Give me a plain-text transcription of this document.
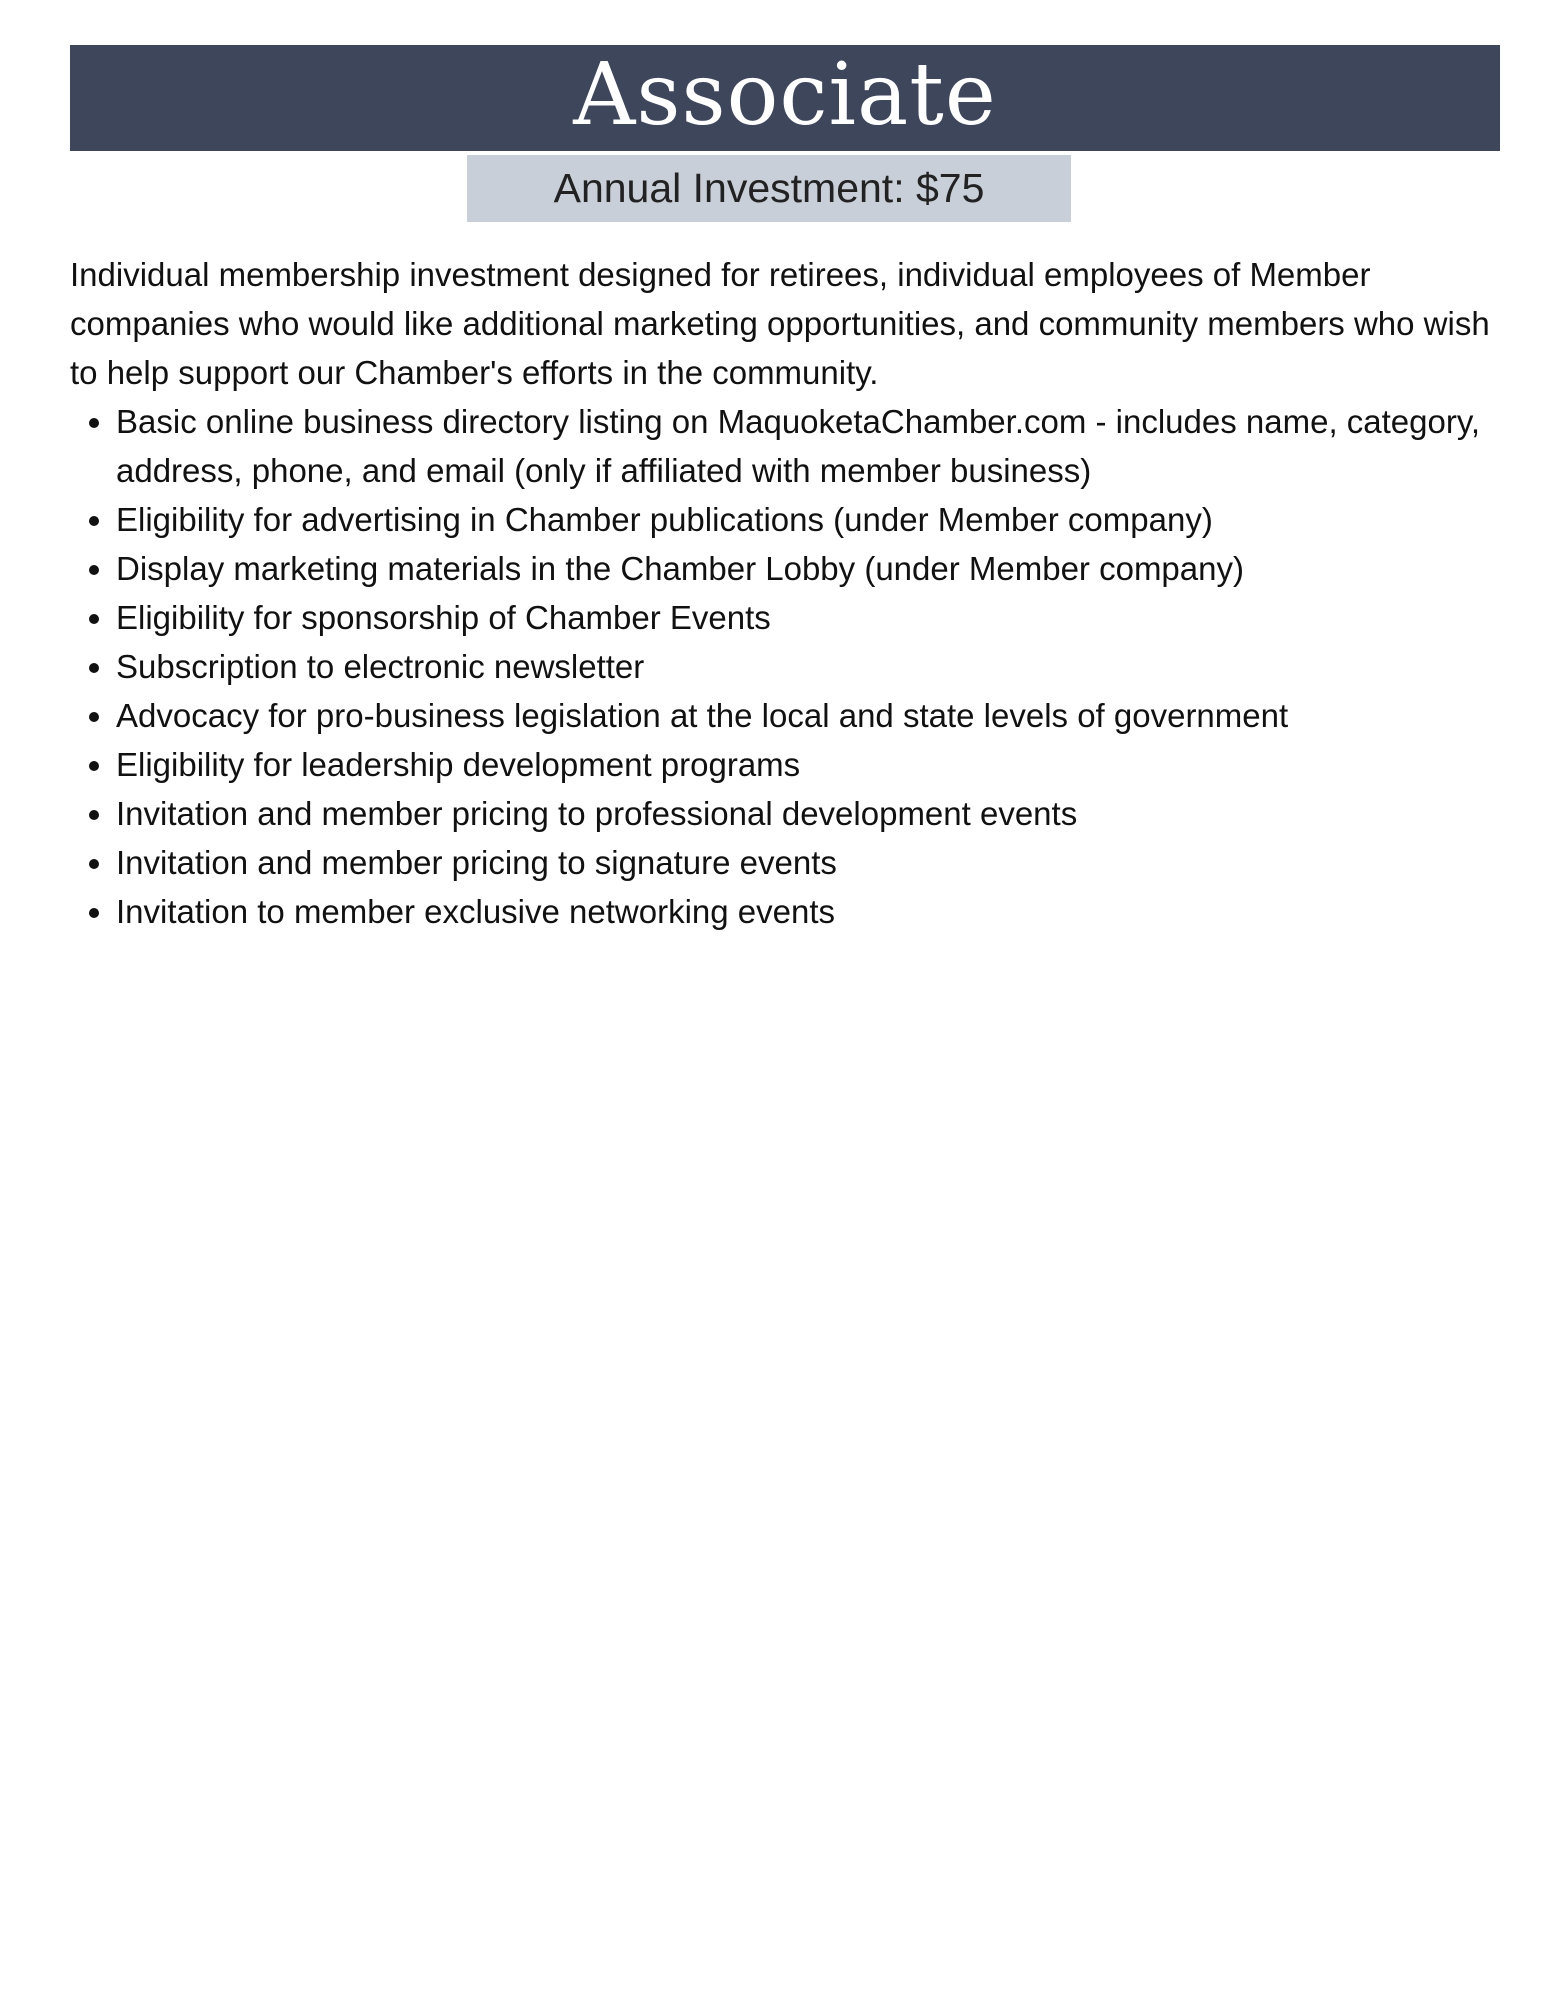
Associate
Annual Investment: $75

Individual membership investment designed for retirees, individual employees of Member companies who would like additional marketing opportunities, and community members who wish to help support our Chamber's efforts in the community.

• Basic online business directory listing on MaquoketaChamber.com - includes name, category, address, phone, and email (only if affiliated with member business)
• Eligibility for advertising in Chamber publications (under Member company)
• Display marketing materials in the Chamber Lobby (under Member company)
• Eligibility for sponsorship of Chamber Events
• Subscription to electronic newsletter
• Advocacy for pro-business legislation at the local and state levels of government
• Eligibility for leadership development programs
• Invitation and member pricing to professional development events
• Invitation and member pricing to signature events
• Invitation to member exclusive networking events
